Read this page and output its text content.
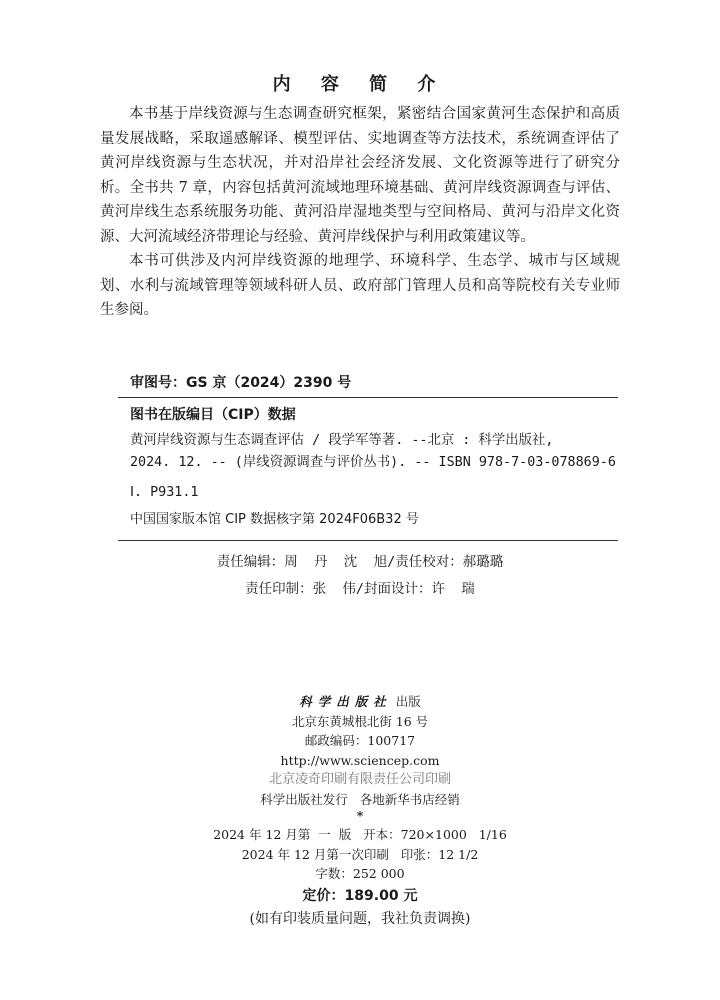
内 容 简 介

本书基于岸线资源与生态调查研究框架，紧密结合国家黄河生态保护和高质量发展战略，采取遥感解译、模型评估、实地调查等方法技术，系统调查评估了黄河岸线资源与生态状况，并对沿岸社会经济发展、文化资源等进行了研究分析。全书共 7 章，内容包括黄河流域地理环境基础、黄河岸线资源调查与评估、黄河岸线生态系统服务功能、黄河沿岸湿地类型与空间格局、黄河与沿岸文化资源、大河流域经济带理论与经验、黄河岸线保护与利用政策建议等。

本书可供涉及内河岸线资源的地理学、环境科学、生态学、城市与区域规划、水利与流域管理等领域科研人员、政府部门管理人员和高等院校有关专业师生参阅。

审图号：GS 京（2024）2390 号
图书在版编目（CIP）数据
黄河岸线资源与生态调查评估 / 段学军等著. --北京 : 科学出版社,
2024. 12. -- (岸线资源调查与评价丛书). -- ISBN 978-7-03-078869-6
Ⅰ. P931.1
中国国家版本馆 CIP 数据核字第 2024F06B32 号
责任编辑：周  丹  沈  旭/责任校对：郝璐璐
责任印制：张  伟/封面设计：许  瑞
科学出版社 出版
北京东黄城根北街 16 号
邮政编码：100717
http://www.sciencep.com
北京凌奇印刷有限责任公司印刷
科学出版社发行   各地新华书店经销
*
2024 年 12 月第  一  版   开本：720×1000   1/16
2024 年 12 月第一次印刷   印张：12 1/2
字数：252 000
定价：189.00 元
(如有印装质量问题，我社负责调换)
